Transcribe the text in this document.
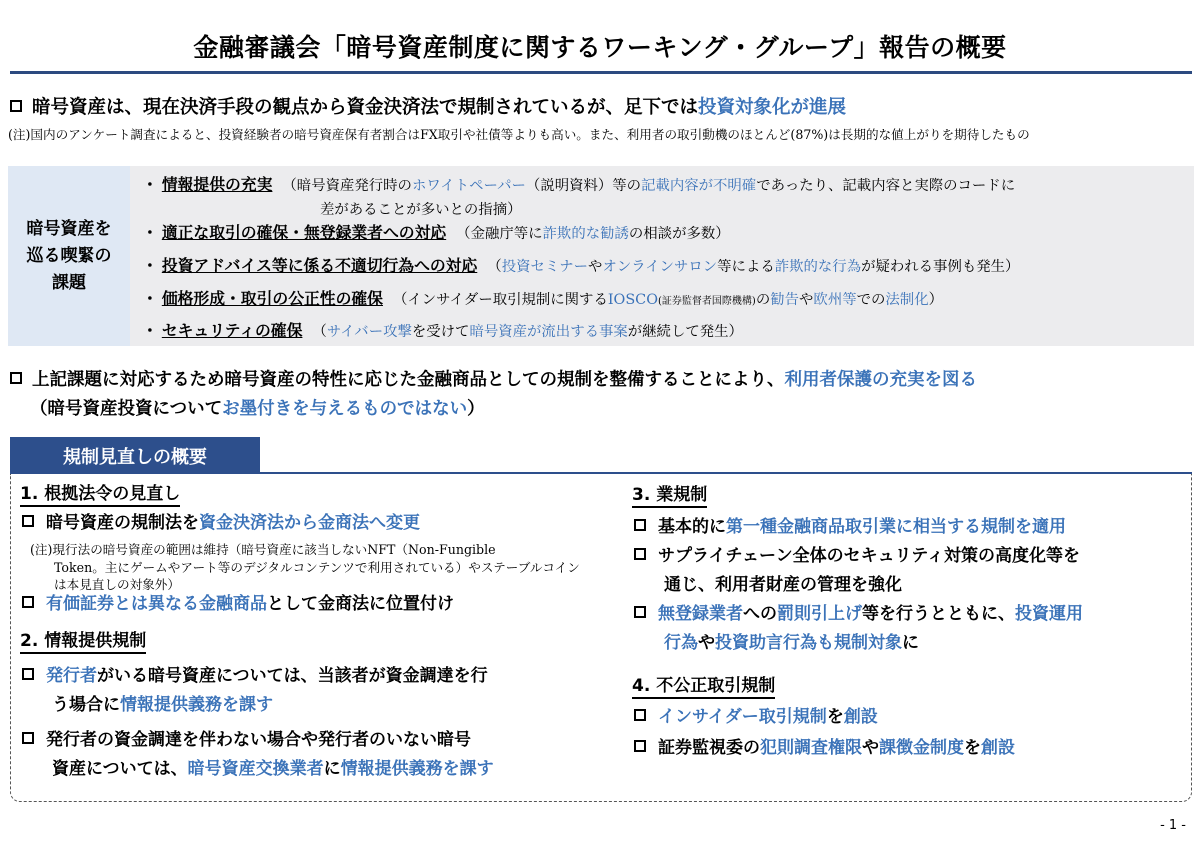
金融審議会「暗号資産制度に関するワーキング・グループ」報告の概要
暗号資産は、現在決済手段の観点から資金決済法で規制されているが、足下では投資対象化が進展
(注)国内のアンケート調査によると、投資経験者の暗号資産保有者割合はFX取引や社債等よりも高い。また、利用者の取引動機のほとんど(87%)は長期的な値上がりを期待したもの
暗号資産を
巡る喫緊の
課題
・ 情報提供の充実 （暗号資産発行時のホワイトペーパー（説明資料）等の記載内容が不明確であったり、記載内容と実際のコードに
差があることが多いとの指摘）
・ 適正な取引の確保・無登録業者への対応 （金融庁等に詐欺的な勧誘の相談が多数）
・ 投資アドバイス等に係る不適切行為への対応 （投資セミナーやオンラインサロン等による詐欺的な行為が疑われる事例も発生）
・ 価格形成・取引の公正性の確保 （インサイダー取引規制に関するIOSCO(証券監督者国際機構)の勧告や欧州等での法制化）
・ セキュリティの確保 （サイバー攻撃を受けて暗号資産が流出する事案が継続して発生）
上記課題に対応するため暗号資産の特性に応じた金融商品としての規制を整備することにより、利用者保護の充実を図る
（暗号資産投資についてお墨付きを与えるものではない）
規制見直しの概要
1. 根拠法令の見直し
暗号資産の規制法を資金決済法から金商法へ変更
(注)現行法の暗号資産の範囲は維持（暗号資産に該当しないNFT（Non-Fungible
Token。主にゲームやアート等のデジタルコンテンツで利用されている）やステーブルコイン
は本見直しの対象外）
有価証券とは異なる金融商品として金商法に位置付け
2. 情報提供規制
発行者がいる暗号資産については、当該者が資金調達を行
う場合に情報提供義務を課す
発行者の資金調達を伴わない場合や発行者のいない暗号
資産については、暗号資産交換業者に情報提供義務を課す
3. 業規制
基本的に第一種金融商品取引業に相当する規制を適用
サプライチェーン全体のセキュリティ対策の高度化等を
通じ、利用者財産の管理を強化
無登録業者への罰則引上げ等を行うとともに、投資運用
行為や投資助言行為も規制対象に
4. 不公正取引規制
インサイダー取引規制を創設
証券監視委の犯則調査権限や課徴金制度を創設
- 1 -
